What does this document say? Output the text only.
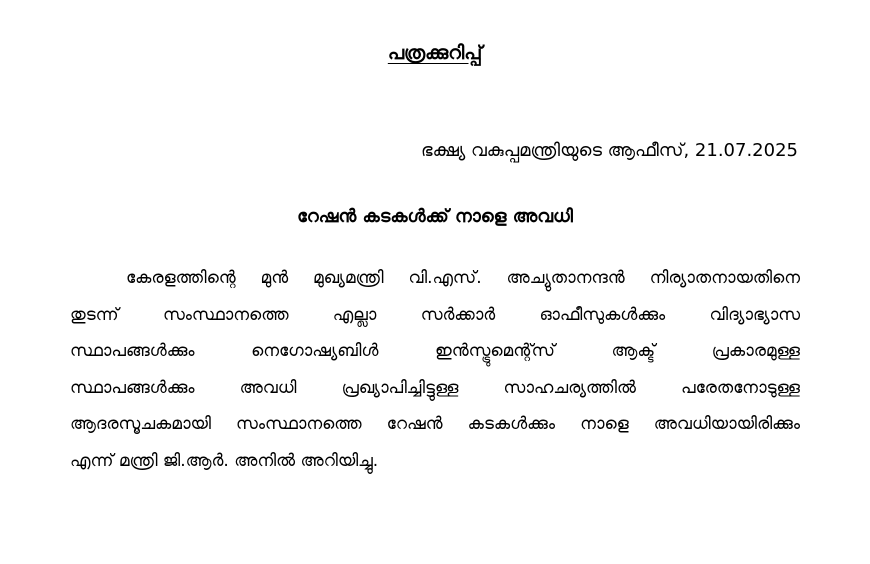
പത്രക്കുറിപ്പ്
ഭക്ഷ്യ വകുപ്പമന്ത്രിയുടെ ആഫീസ്, 21.07.2025
റേഷൻ കടകൾക്ക് നാളെ അവധി
കേരളത്തിന്റെ മുൻ മുഖ്യമന്ത്രി വി.എസ്. അച്യുതാനന്ദൻ നിര്യാതനായതിനെ
തുടന്ന് സംസ്ഥാനത്തെ എല്ലാ സർക്കാർ ഓഫീസുകൾക്കും വിദ്യാഭ്യാസ
സ്ഥാപങ്ങൾക്കും നെഗോഷ്യബിൾ ഇൻസ്ട്രുമെന്റ്സ് ആക്ട് പ്രകാരമുള്ള
സ്ഥാപങ്ങൾക്കും അവധി പ്രഖ്യാപിച്ചിട്ടുള്ള സാഹചര്യത്തിൽ പരേതനോടുള്ള
ആദരസൂചകമായി സംസ്ഥാനത്തെ റേഷൻ കടകൾക്കും നാളെ അവധിയായിരിക്കും
എന്ന് മന്ത്രി ജി.ആർ. അനിൽ അറിയിച്ചു.
